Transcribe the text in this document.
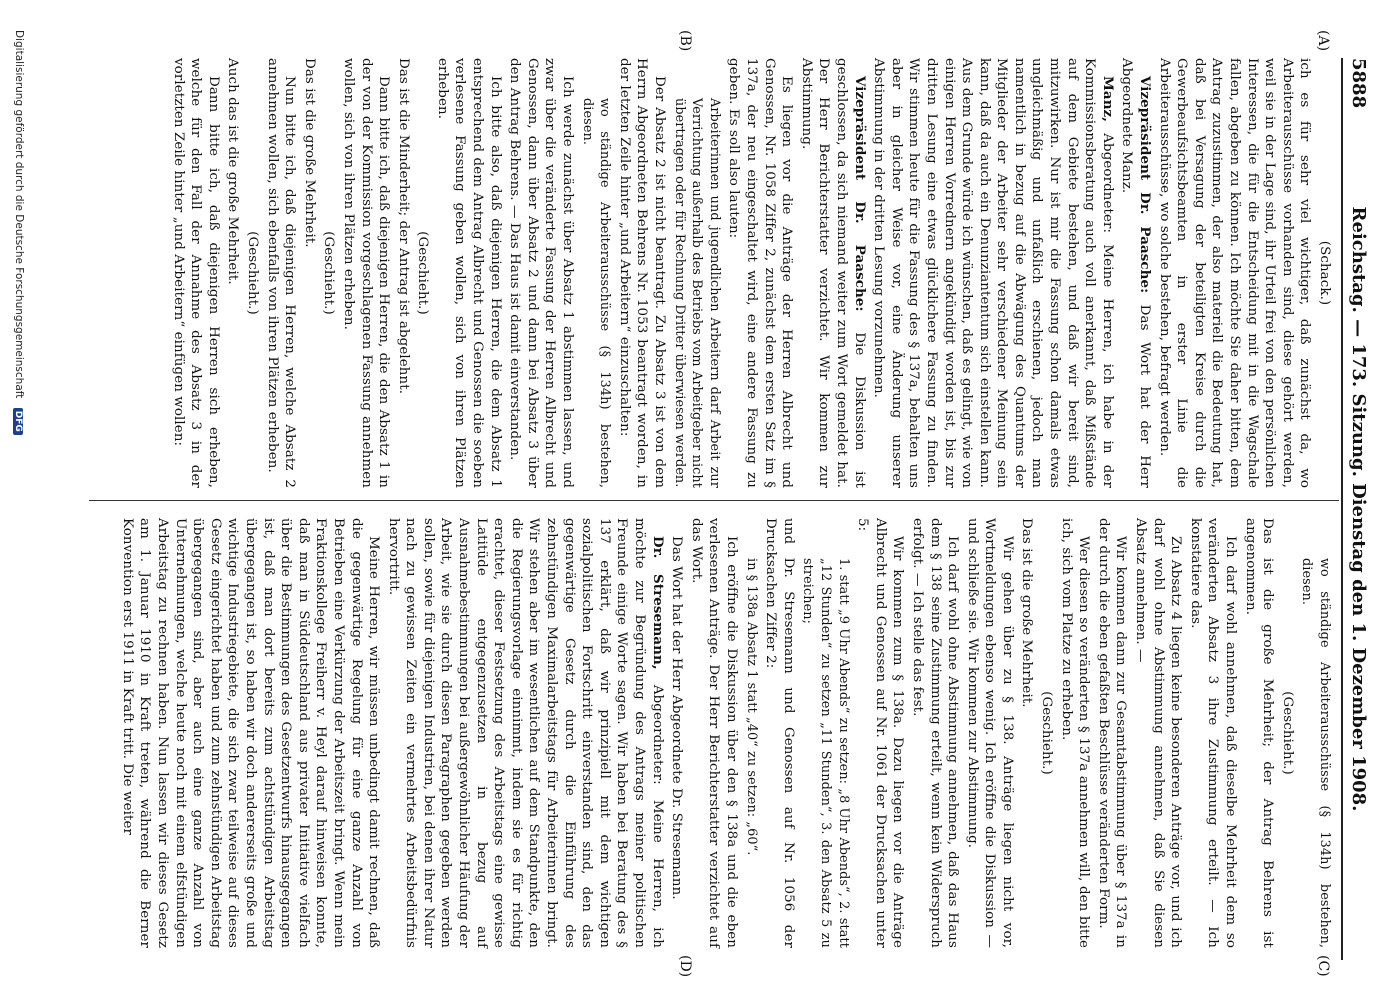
5888
Reichstag. — 173. Sitzung. Dienstag den 1. Dezember 1908.
(A)
(B)
(C)
(D)

(Schack.)

ich es für sehr viel wichtiger, daß zunächst da, wo Arbeiterausschüsse vorhanden sind, diese gehört werden, weil sie in der Lage sind, ihr Urteil frei von den persönlichen Interessen, die für die Entscheidung mit in die Wagschale fallen, abgeben zu können. Ich möchte Sie daher bitten, dem Antrag zuzustimmen, der also materiell die Bedeutung hat, daß bei Versagung der beteiligten Kreise durch die Gewerbeaufsichtsbeamten in erster Linie die Arbeiterausschüsse, wo solche bestehen, befragt werden.

Vizepräsident Dr. Paasche: Das Wort hat der Herr Abgeordnete Manz.

Manz, Abgeordneter: Meine Herren, ich habe in der Kommissionsberatung auch voll anerkannt, daß Mißstände auf dem Gebiete bestehen, und daß wir bereit sind, mitzuwirken. Nur ist mir die Fassung schon damals etwas ungleichmäßig und unfaßlich erschienen, jedoch man namentlich in bezug auf die Abwägung des Quantums der Mitglieder der Arbeiter sehr verschiedener Meinung sein kann, daß da auch ein Denunziantentum sich einstellen kann. Aus dem Grunde würde ich wünschen, daß es gelingt, wie von einigen Herren Vorrednern angekündigt worden ist, bis zur dritten Lesung eine etwas glücklichere Fassung zu finden. Wir stimmen heute für die Fassung des § 137a, behalten uns aber in gleicher Weise vor, eine Änderung unserer Abstimmung in der dritten Lesung vorzunehmen.

Vizepräsident Dr. Paasche: Die Diskussion ist geschlossen, da sich niemand weiter zum Wort gemeldet hat. Der Herr Berichterstatter verzichtet. Wir kommen zur Abstimmung.

Es liegen vor die Anträge der Herren Albrecht und Genossen, Nr. 1058 Ziffer 2, zunächst dem ersten Satz im § 137a, der neu eingeschaltet wird, eine andere Fassung zu geben. Es soll also lauten:

Arbeiterinnen und jugendlichen Arbeitern darf Arbeit zur Verrichtung außerhalb des Betriebs vom Arbeitgeber nicht übertragen oder für Rechnung Dritter überwiesen werden.

Der Absatz 2 ist nicht beantragt. Zu Absatz 3 ist von dem Herrn Abgeordneten Behrens Nr. 1053 beantragt worden, in der letzten Zeile hinter „und Arbeitern“ einzuschalten:

wo ständige Arbeiterausschüsse (§ 134h) bestehen, diesen.

Ich werde zunächst über Absatz 1 abstimmen lassen, und zwar über die veränderte Fassung der Herren Albrecht und Genossen, dann über Absatz 2 und dann bei Absatz 3 über den Antrag Behrens. — Das Haus ist damit einverstanden.

Ich bitte also, daß diejenigen Herren, die dem Absatz 1 entsprechend dem Antrag Albrecht und Genossen die soeben verlesene Fassung geben wollen, sich von ihren Plätzen erheben.

(Geschieht.)

Das ist die Minderheit; der Antrag ist abgelehnt.

Dann bitte ich, daß diejenigen Herren, die den Absatz 1 in der von der Kommission vorgeschlagenen Fassung annehmen wollen, sich von ihren Plätzen erheben.

(Geschieht.)

Das ist die große Mehrheit.

Nun bitte ich, daß diejenigen Herren, welche Absatz 2 annehmen wollen, sich ebenfalls von ihren Plätzen erheben.

(Geschieht.)

Auch das ist die große Mehrheit.

Dann bitte ich, daß diejenigen Herren sich erheben, welche für den Fall der Annahme des Absatz 3 in der vorletzten Zeile hinter „und Arbeitern“ einfügen wollen:

wo ständige Arbeiterausschüsse (§ 134h) bestehen, diesen.

(Geschieht.)

Das ist die große Mehrheit; der Antrag Behrens ist angenommen.

Ich darf wohl annehmen, daß dieselbe Mehrheit dem so veränderten Absatz 3 ihre Zustimmung erteilt. — Ich konstatiere das.

Zu Absatz 4 liegen keine besonderen Anträge vor, und ich darf wohl ohne Abstimmung annehmen, daß Sie diesen Absatz annehmen. —

Wir kommen dann zur Gesamtabstimmung über § 137a in der durch die eben gefaßten Beschlüsse veränderten Form.

Wer diesen so veränderten § 137a annehmen will, den bitte ich, sich vom Platze zu erheben.

(Geschieht.)

Das ist die große Mehrheit.

Wir gehen über zu § 138. Anträge liegen nicht vor, Wortmeldungen ebenso wenig. Ich eröffne die Diskussion — und schließe sie. Wir kommen zur Abstimmung.

Ich darf wohl ohne Abstimmung annehmen, daß das Haus dem § 138 seine Zustimmung erteilt, wenn kein Widerspruch erfolgt. — Ich stelle das fest.

Wir kommen zum § 138a. Dazu liegen vor die Anträge Albrecht und Genossen auf Nr. 1061 der Drucksachen unter 5:

1. statt „9 Uhr Abends“ zu setzen: „8 Uhr Abends“, 2. statt „12 Stunden“ zu setzen „11 Stunden“, 3. den Absatz 5 zu streichen;

und Dr. Stresemann und Genossen auf Nr. 1056 der Drucksachen Ziffer 2:

in § 138a Absatz 1 statt „40“ zu setzen: „60“.

Ich eröffne die Diskussion über den § 138a und die eben verlesenen Anträge. Der Herr Berichterstatter verzichtet auf das Wort.

Das Wort hat der Herr Abgeordnete Dr. Stresemann.

Dr. Stresemann, Abgeordneter: Meine Herren, ich möchte zur Begründung des Antrags meiner politischen Freunde einige Worte sagen. Wir haben bei Beratung des § 137 erklärt, daß wir prinzipiell mit dem wichtigen sozialpolitischen Fortschritt einverstanden sind, den das gegenwärtige Gesetz durch die Einführung des zehnstündigen Maximalarbeitstags für Arbeiterinnen bringt. Wir stehen aber im wesentlichen auf dem Standpunkte, den die Regierungsvorlage einnimmt, indem sie es für richtig erachtet, dieser Festsetzung des Arbeitstags eine gewisse Latitüde entgegenzusetzen in bezug auf Ausnahmebestimmungen bei außergewöhnlicher Häufung der Arbeit, wie sie durch diesen Paragraphen gegeben werden sollen, sowie für diejenigen Industrien, bei denen ihrer Natur nach zu gewissen Zeiten ein vermehrtes Arbeitsbedürfnis hervortritt.

Meine Herren, wir müssen unbedingt damit rechnen, daß die gegenwärtige Regelung für eine ganze Anzahl von Betrieben eine Verkürzung der Arbeitszeit bringt. Wenn mein Fraktionskollege Freiherr v. Heyl darauf hinweisen konnte, daß man in Süddeutschland aus privater Initiative vielfach über die Bestimmungen des Gesetzentwurfs hinausgegangen ist, daß man dort bereits zum achtstündigen Arbeitstag übergegangen ist, so haben wir doch andererseits große und wichtige Industriegebiete, die sich zwar teilweise auf dieses Gesetz eingerichtet haben und zum zehnstündigen Arbeitstag übergegangen sind, aber auch eine ganze Anzahl von Unternehmungen, welche heute noch mit einem elfstündigen Arbeitstag zu rechnen haben. Nun lassen wir dieses Gesetz am 1. Januar 1910 in Kraft treten, während die Berner Konvention erst 1911 in Kraft tritt. Die weiter

Digitalisierung gefördert durch die Deutsche Forschungsgemeinschaft DFG
